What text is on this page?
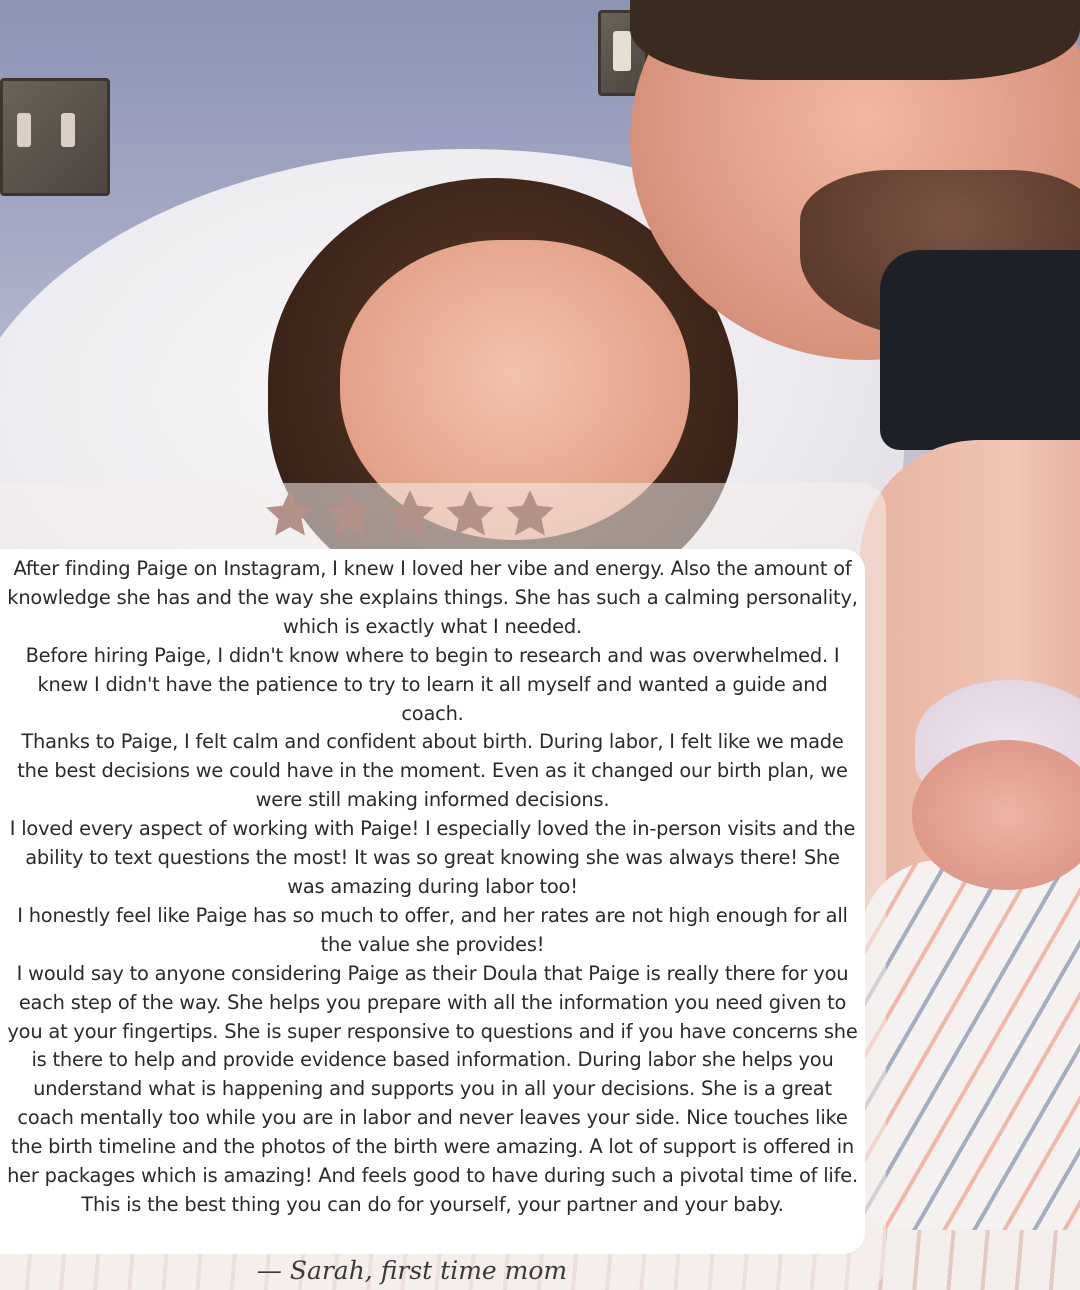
After finding Paige on Instagram, I knew I loved her vibe and energy. Also the amount of knowledge she has and the way she explains things. She has such a calming personality, which is exactly what I needed.

Before hiring Paige, I didn't know where to begin to research and was overwhelmed. I knew I didn't have the patience to try to learn it all myself and wanted a guide and coach.

Thanks to Paige, I felt calm and confident about birth. During labor, I felt like we made the best decisions we could have in the moment. Even as it changed our birth plan, we were still making informed decisions.

I loved every aspect of working with Paige! I especially loved the in-person visits and the ability to text questions the most! It was so great knowing she was always there! She was amazing during labor too!

I honestly feel like Paige has so much to offer, and her rates are not high enough for all the value she provides!

I would say to anyone considering Paige as their Doula that Paige is really there for you each step of the way. She helps you prepare with all the information you need given to you at your fingertips. She is super responsive to questions and if you have concerns she is there to help and provide evidence based information. During labor she helps you understand what is happening and supports you in all your decisions. She is a great coach mentally too while you are in labor and never leaves your side. Nice touches like the birth timeline and the photos of the birth were amazing. A lot of support is offered in her packages which is amazing! And feels good to have during such a pivotal time of life.

This is the best thing you can do for yourself, your partner and your baby.

— Sarah, first time mom
